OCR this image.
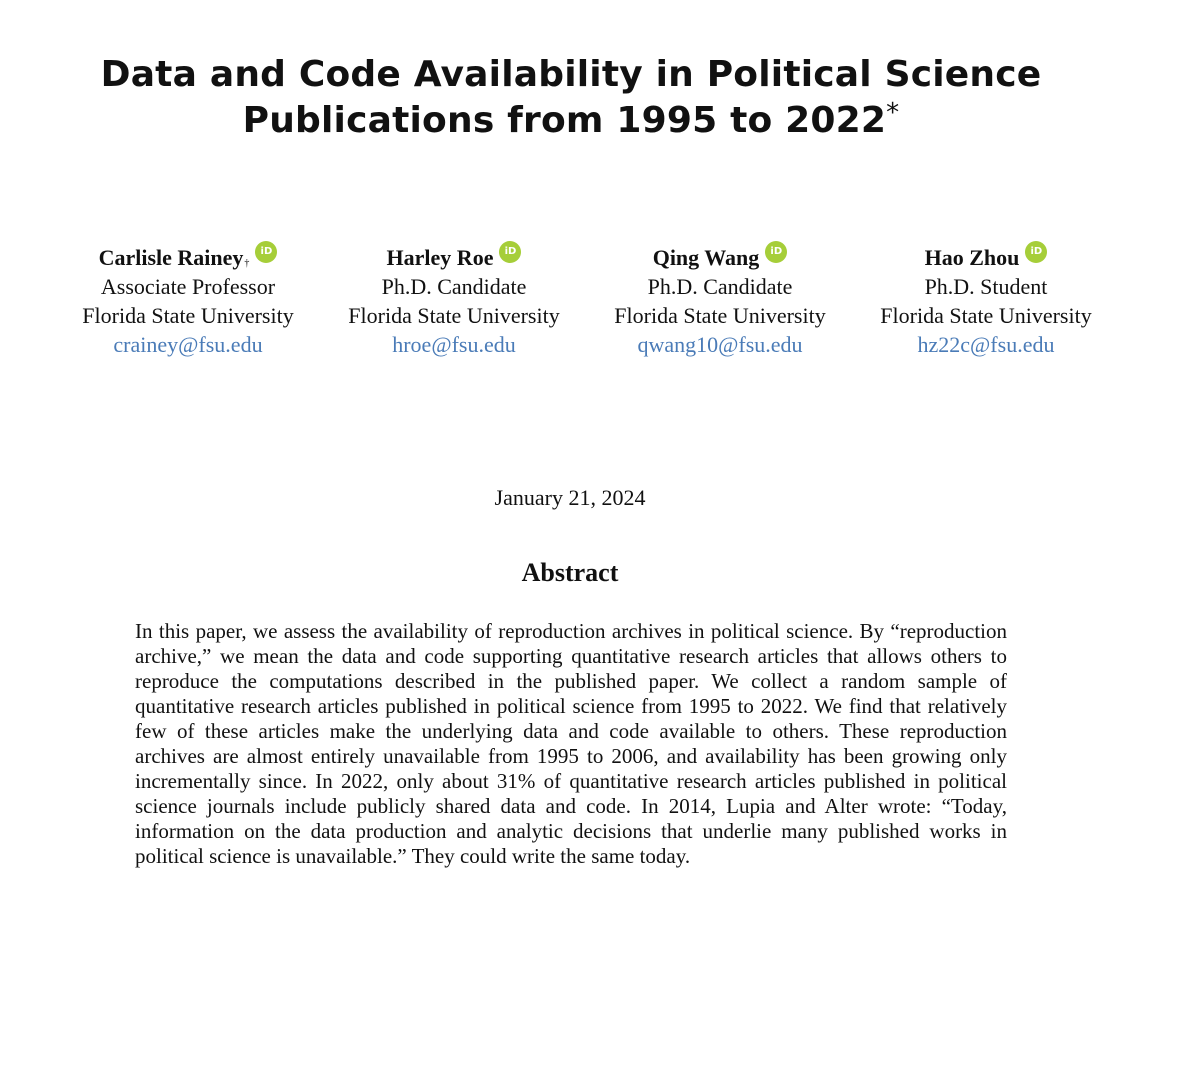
Data and Code Availability in Political Science
Publications from 1995 to 2022*
Carlisle Rainey†iD
Associate Professor
Florida State University
crainey@fsu.edu
Harley Roe iD
Ph.D. Candidate
Florida State University
hroe@fsu.edu
Qing Wang iD
Ph.D. Candidate
Florida State University
qwang10@fsu.edu
Hao Zhou iD
Ph.D. Student
Florida State University
hz22c@fsu.edu
January 21, 2024
Abstract
In this paper, we assess the availability of reproduction archives in political science. By “reproduction archive,” we mean the data and code supporting quantitative research articles that allows others to reproduce the computations described in the published paper. We collect a random sample of quantitative research articles published in political science from 1995 to 2022. We find that relatively few of these articles make the underlying data and code available to others. These reproduction archives are almost entirely unavailable from 1995 to 2006, and availability has been growing only incrementally since. In 2022, only about 31% of quantitative research articles published in political science journals include publicly shared data and code. In 2014, Lupia and Alter wrote: “Today, information on the data production and analytic decisions that underlie many published works in political science is unavailable.” They could write the same today.
